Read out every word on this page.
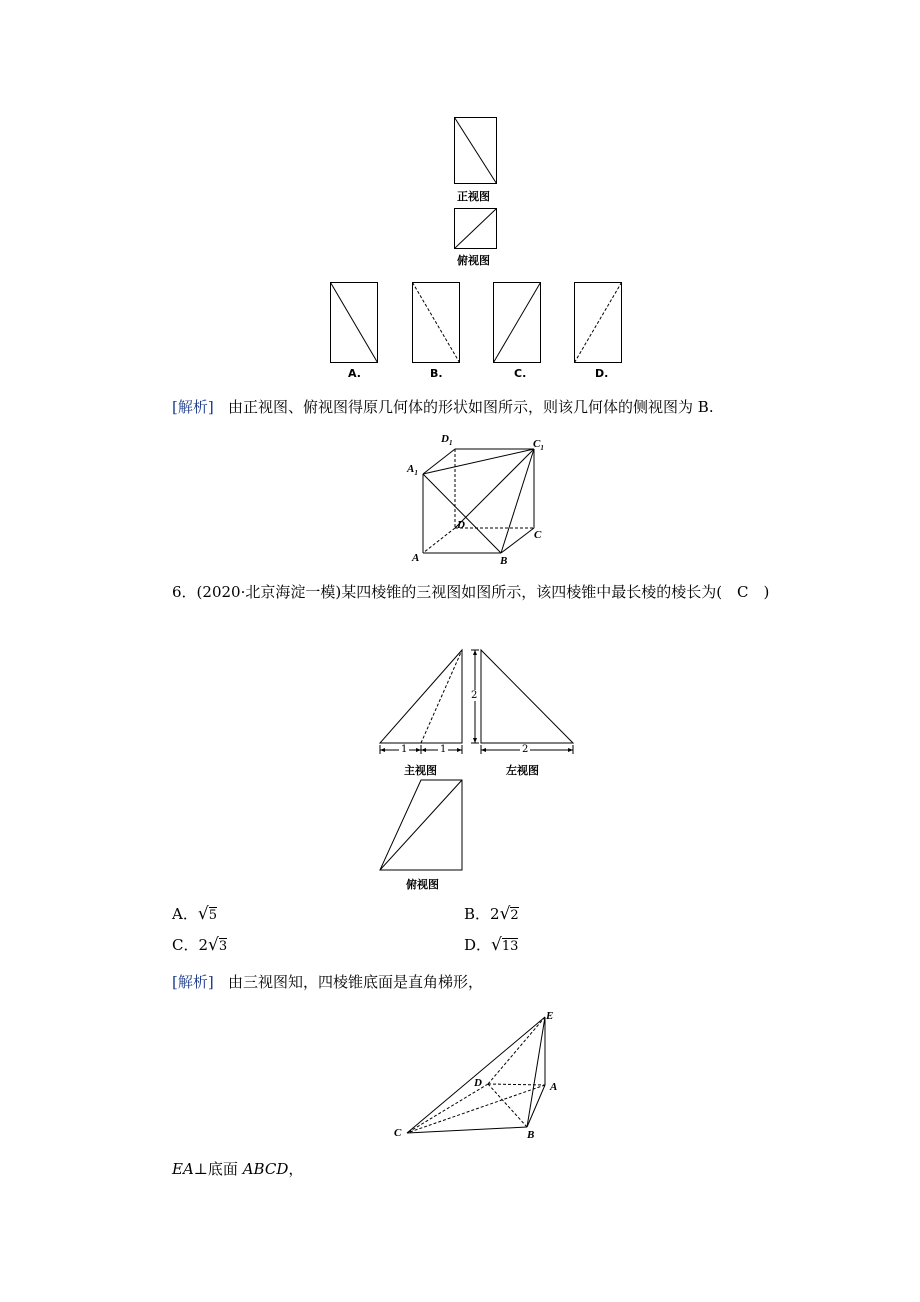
正视图
俯视图
A.	B.	C.	D.
[解析] 由正视图、俯视图得原几何体的形状如图所示，则该几何体的侧视图为 B.
$D_1$	$C_1$
$A_1$
D
C
A	B
6．(2020·北京海淀一模)某四棱锥的三视图如图所示，该四棱锥中最长棱的棱长为(　C　)
1	1
主视图
2
2
左视图
俯视图
A．√5	B．2√2
C．2√3	D．√13
[解析] 由三视图知，四棱锥底面是直角梯形，
E
D	A
C	B
EA⊥底面 ABCD，
